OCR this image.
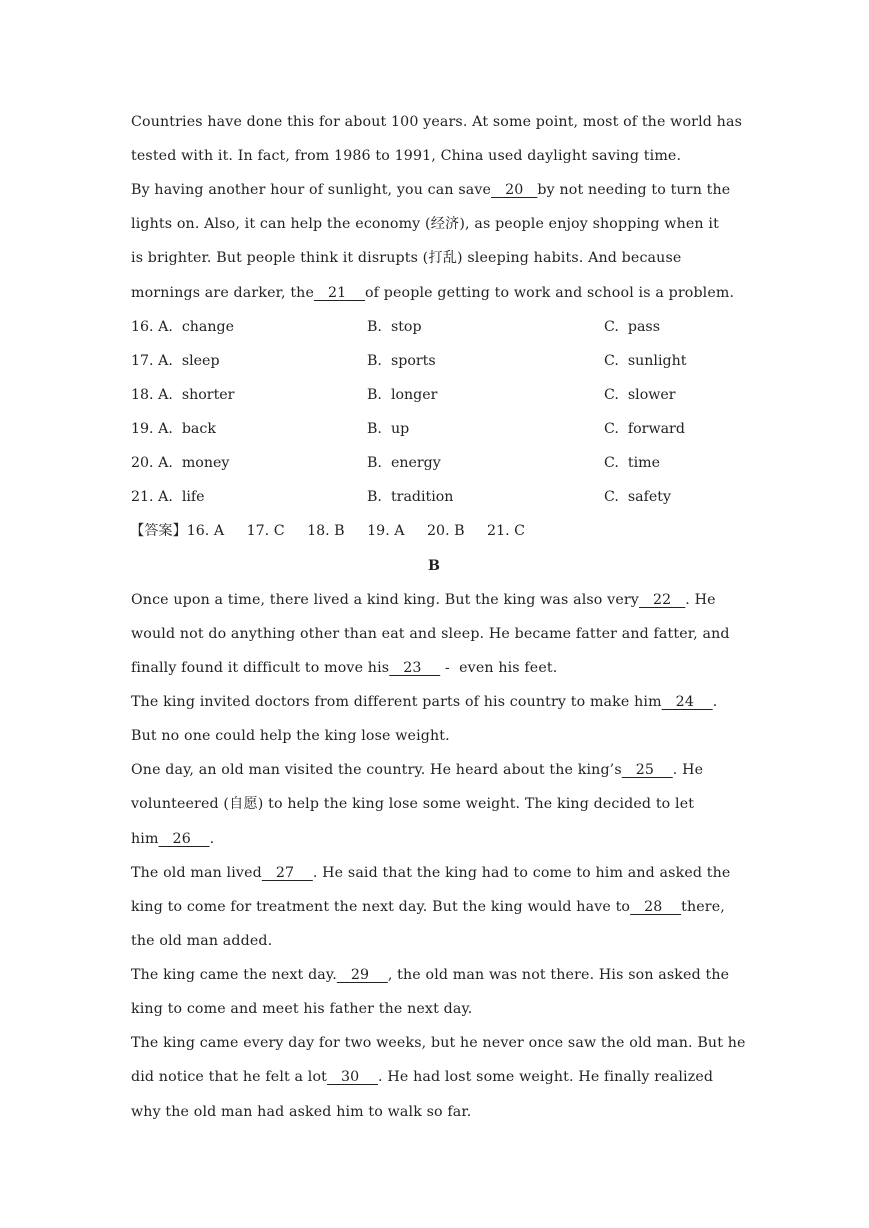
Countries have done this for about 100 years. At some point, most of the world has
tested with it. In fact, from 1986 to 1991, China used daylight saving time.
By having another hour of sunlight, you can save   20   by not needing to turn the
lights on. Also, it can help the economy (经济), as people enjoy shopping when it
is brighter. But people think it disrupts (打乱) sleeping habits. And because
mornings are darker, the   21    of people getting to work and school is a problem.
16. A.  change	B.  stop	C.  pass
17. A.  sleep	B.  sports	C.  sunlight
18. A.  shorter	B.  longer	C.  slower
19. A.  back	B.  up	C.  forward
20. A.  money	B.  energy	C.  time
21. A.  life	B.  tradition	C.  safety
【答案】16. A     17. C     18. B     19. A     20. B     21. C
B
Once upon a time, there lived a kind king. But the king was also very   22   . He
would not do anything other than eat and sleep. He became fatter and fatter, and
finally found it difficult to move his   23     -  even his feet.
The king invited doctors from different parts of his country to make him   24    .
But no one could help the king lose weight.
One day, an old man visited the country. He heard about the king’s   25    . He
volunteered (自愿) to help the king lose some weight. The king decided to let
him   26    .
The old man lived   27    . He said that the king had to come to him and asked the
king to come for treatment the next day. But the king would have to   28    there,
the old man added.
The king came the next day.   29    , the old man was not there. His son asked the
king to come and meet his father the next day.
The king came every day for two weeks, but he never once saw the old man. But he
did notice that he felt a lot   30    . He had lost some weight. He finally realized
why the old man had asked him to walk so far.
